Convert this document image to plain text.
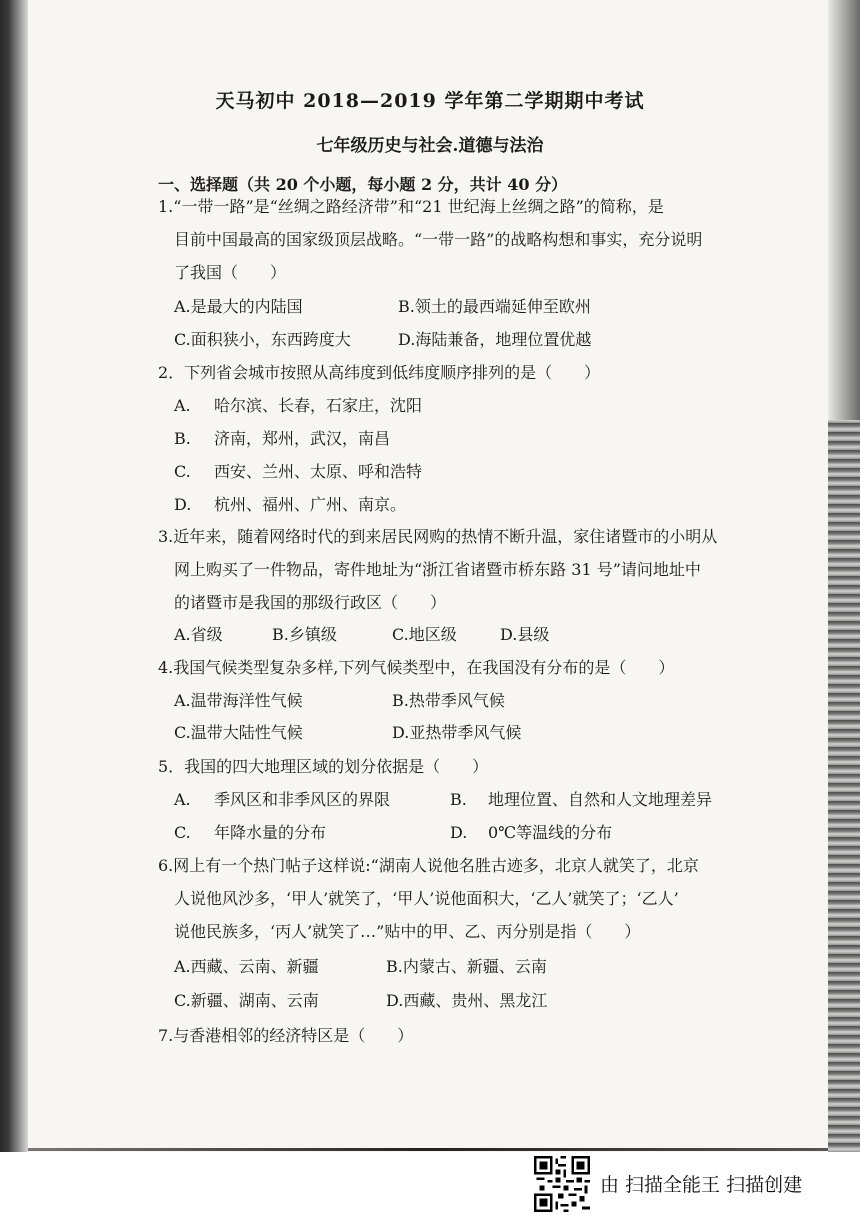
天马初中 2018—2019 学年第二学期期中考试
七年级历史与社会.道德与法治
一、选择题（共 20 个小题，每小题 2 分，共计 40 分）
1.“一带一路”是“丝绸之路经济带”和“21 世纪海上丝绸之路”的简称，是
目前中国最高的国家级顶层战略。“一带一路”的战略构想和事实，充分说明
了我国（　　）
A.是最大的内陆国	B.领土的最西端延伸至欧州
C.面积狭小，东西跨度大	D.海陆兼备，地理位置优越
2．下列省会城市按照从高纬度到低纬度顺序排列的是（　　）
A. 哈尔滨、长春，石家庄，沈阳
B. 济南，郑州，武汉，南昌
C. 西安、兰州、太原、呼和浩特
D. 杭州、福州、广州、南京。
3.近年来，随着网络时代的到来居民网购的热情不断升温，家住诸暨市的小明从
网上购买了一件物品，寄件地址为“浙江省诸暨市桥东路 31 号”请问地址中
的诸暨市是我国的那级行政区（　　）
A.省级	B.乡镇级	C.地区级	D.县级
4.我国气候类型复杂多样,下列气候类型中，在我国没有分布的是（　　）
A.温带海洋性气候	B.热带季风气候
C.温带大陆性气候	D.亚热带季风气候
5．我国的四大地理区域的划分依据是（　　）
A. 季风区和非季风区的界限	B. 地理位置、自然和人文地理差异
C. 年降水量的分布	D. 0℃等温线的分布
6.网上有一个热门帖子这样说:“湖南人说他名胜古迹多，北京人就笑了，北京
人说他风沙多，‘甲人’就笑了，‘甲人’说他面积大，‘乙人’就笑了；‘乙人’
说他民族多，‘丙人’就笑了…”贴中的甲、乙、丙分别是指（　　）
A.西藏、云南、新疆	B.内蒙古、新疆、云南
C.新疆、湖南、云南	D.西藏、贵州、黑龙江
7.与香港相邻的经济特区是（　　）
由 扫描全能王 扫描创建
